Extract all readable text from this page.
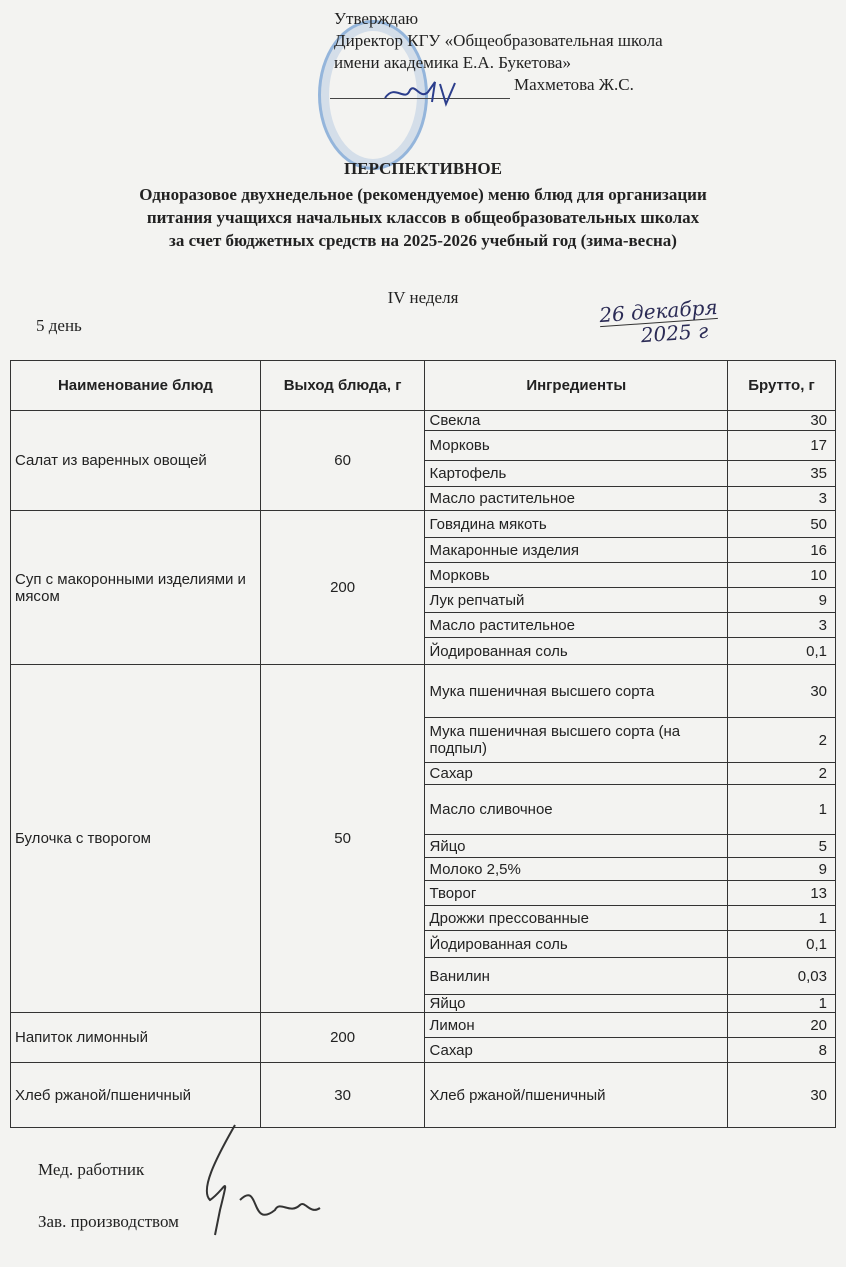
Утверждаю
Директор КГУ «Общеобразовательная школа
имени академика Е.А. Букетова»
Махметова Ж.С.
ПЕРСПЕКТИВНОЕ
Одноразовое двухнедельное (рекомендуемое) меню блюд для организации
питания учащихся начальных классов в общеобразовательных школах
за счет бюджетных средств на 2025-2026 учебный год (зима-весна)
IV неделя
5 день	26 декабря
2025 г
Наименование блюд	Выход блюда, г	Ингредиенты	Брутто, г
Салат из варенных овощей	60	Свекла	30
		Морковь	17
		Картофель	35
		Масло растительное	3
Суп с макоронными изделиями и мясом	200	Говядина мякоть	50
		Макаронные изделия	16
		Морковь	10
		Лук репчатый	9
		Масло растительное	3
		Йодированная соль	0,1
Булочка с творогом	50	Мука пшеничная высшего сорта	30
		Мука пшеничная высшего сорта (на подпыл)	2
		Сахар	2
		Масло сливочное	1
		Яйцо	5
		Молоко 2,5%	9
		Творог	13
		Дрожжи прессованные	1
		Йодированная соль	0,1
		Ванилин	0,03
		Яйцо	1
Напиток лимонный	200	Лимон	20
		Сахар	8
Хлеб ржаной/пшеничный	30	Хлеб ржаной/пшеничный	30
Мед. работник
Зав. производством
